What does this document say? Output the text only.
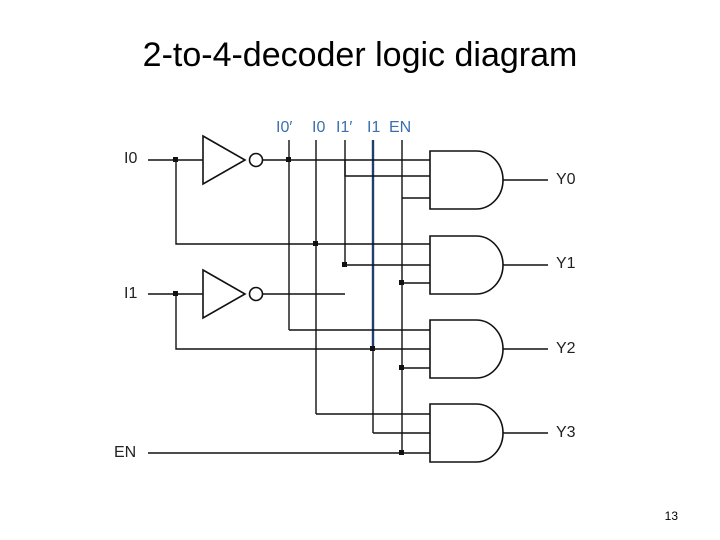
2-to-4-decoder logic diagram
I0
I1
EN
I0′ I0 I1′ I1 EN
Y0
Y1
Y2
Y3
13
